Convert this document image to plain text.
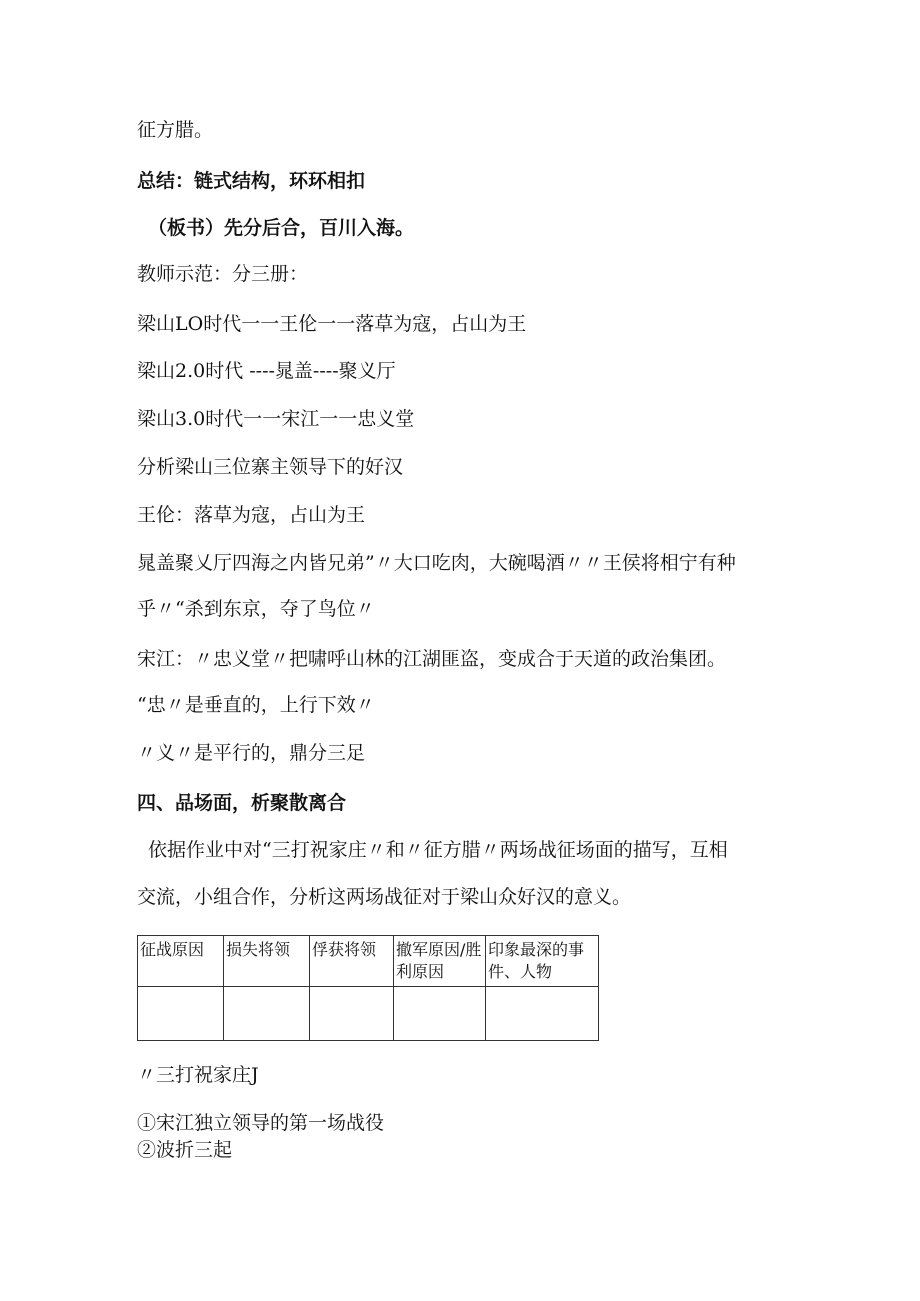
征方腊。
总结：链式结构，环环相扣
（板书）先分后合，百川入海。
教师示范：分三册：
梁山LO时代一一王伦一一落草为寇，占山为王
梁山2.0时代 ----晁盖----聚义厅
梁山3.0时代一一宋江一一忠义堂
分析梁山三位寨主领导下的好汉
王伦：落草为寇，占山为王
晁盖聚乂厅四海之内皆兄弟”〃大口吃肉，大碗喝酒〃〃王侯将相宁有种
乎〃“杀到东京，夺了鸟位〃
宋江：〃忠义堂〃把啸呼山林的江湖匪盗，变成合于天道的政治集团。
“忠〃是垂直的，上行下效〃
〃义〃是平行的，鼎分三足
四、品场面，析聚散离合
依据作业中对“三打祝家庄〃和〃征方腊〃两场战征场面的描写，互相
交流，小组合作，分析这两场战征对于梁山众好汉的意义。
征战原因	损失将领	俘获将领	撤军原因/胜利原因	印象最深的事件、人物

〃三打祝家庄J
①宋江独立领导的第一场战役
②波折三起
